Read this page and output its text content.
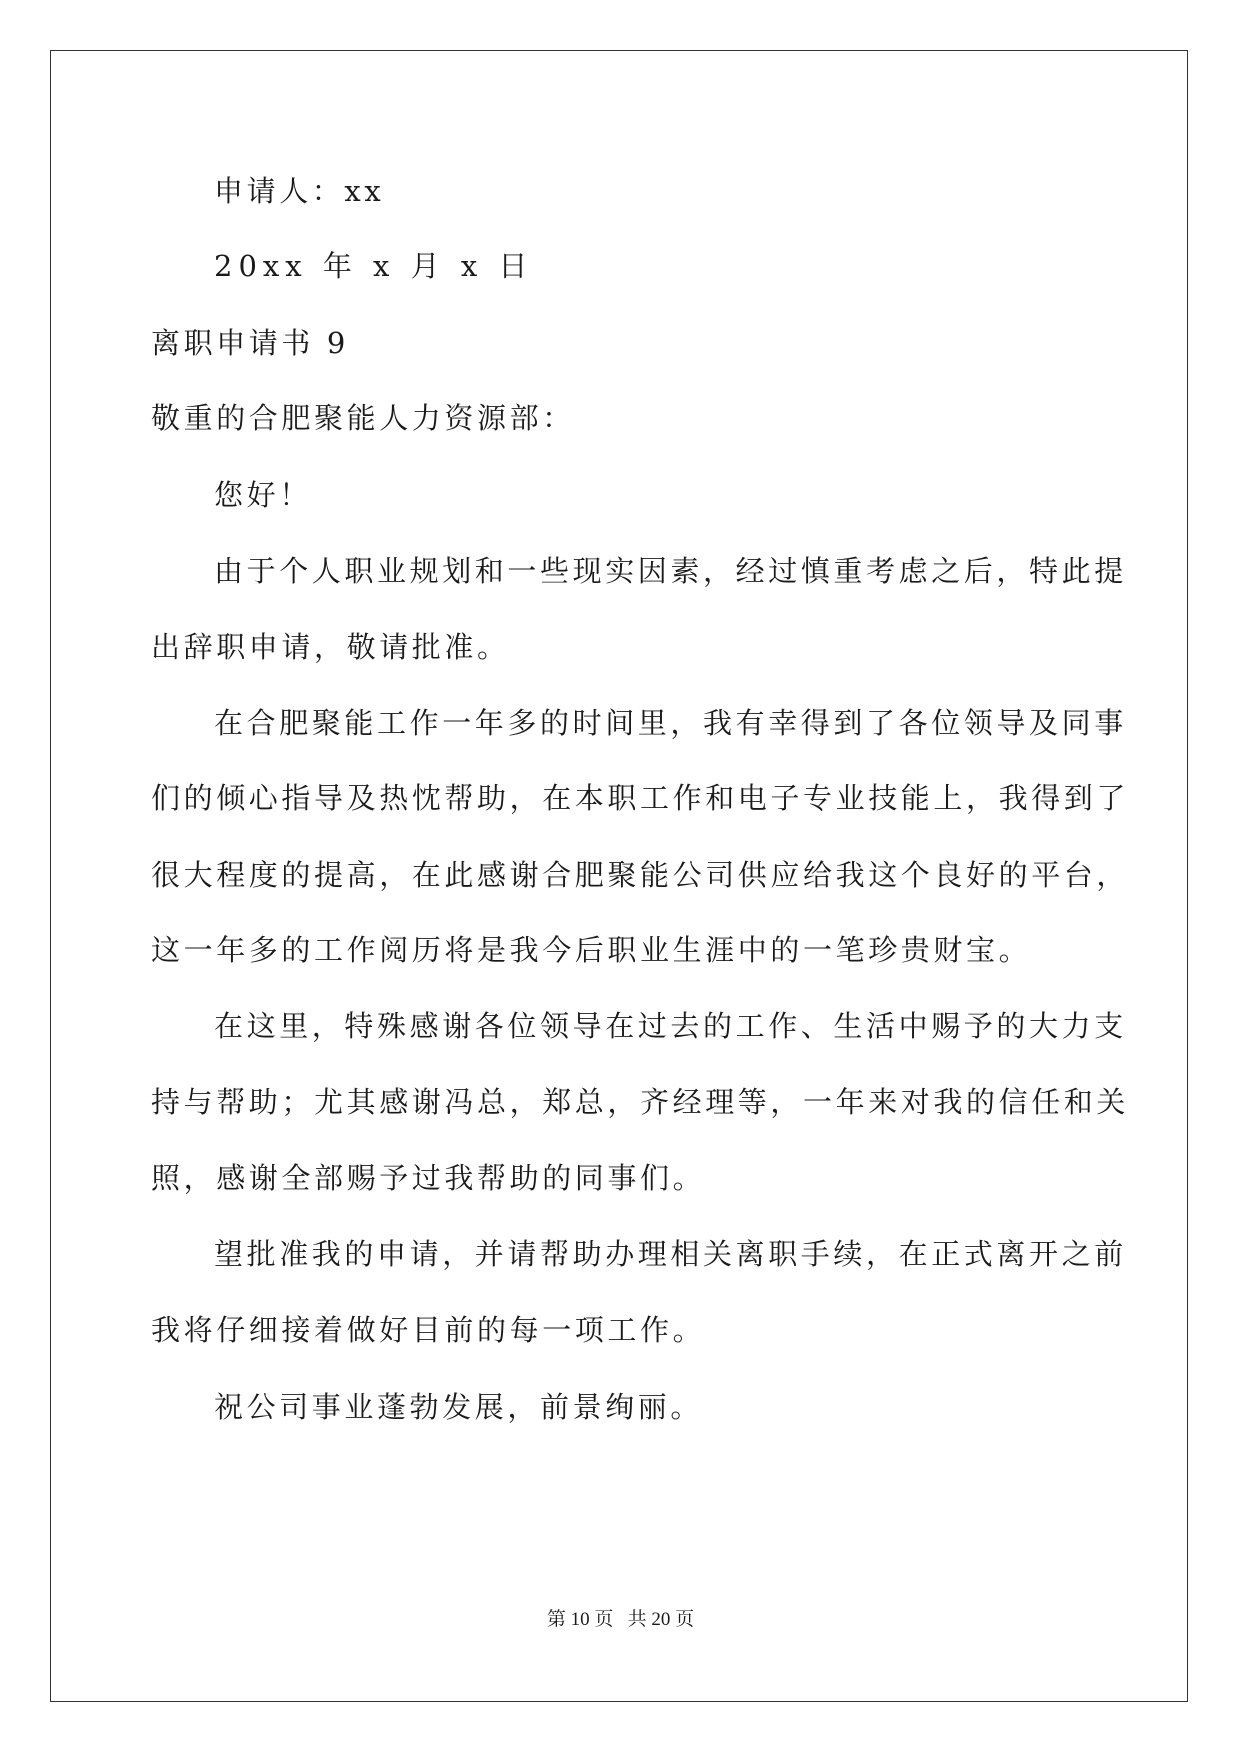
申请人：xx
20xx 年 x 月 x 日
离职申请书 9
敬重的合肥聚能人力资源部：
您好！
由于个人职业规划和一些现实因素，经过慎重考虑之后，特此提
出辞职申请，敬请批准。
在合肥聚能工作一年多的时间里，我有幸得到了各位领导及同事
们的倾心指导及热忱帮助，在本职工作和电子专业技能上，我得到了
很大程度的提高，在此感谢合肥聚能公司供应给我这个良好的平台，
这一年多的工作阅历将是我今后职业生涯中的一笔珍贵财宝。
在这里，特殊感谢各位领导在过去的工作、生活中赐予的大力支
持与帮助；尤其感谢冯总，郑总，齐经理等，一年来对我的信任和关
照，感谢全部赐予过我帮助的同事们。
望批准我的申请，并请帮助办理相关离职手续，在正式离开之前
我将仔细接着做好目前的每一项工作。
祝公司事业蓬勃发展，前景绚丽。
第 10 页   共 20 页
